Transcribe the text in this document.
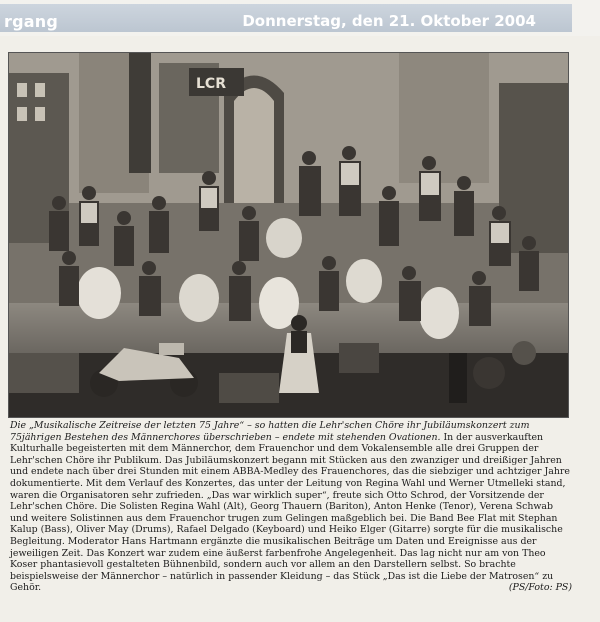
rgang	Donnerstag, den 21. Oktober 2004
LCR
Die „Musikalische Zeitreise der letzten 75 Jahre“ – so hatten die Lehr'schen Chöre ihr Jubiläumskonzert zum 75jährigen Bestehen des Männerchores überschrieben – endete mit stehenden Ovationen. In der ausverkauften Kulturhalle begeisterten mit dem Männerchor, dem Frauenchor und dem Vokalensemble alle drei Gruppen der Lehr'schen Chöre ihr Publikum. Das Jubiläumskonzert begann mit Stücken aus den zwanziger und dreißiger Jahren und endete nach über drei Stunden mit einem ABBA-Medley des Frauenchores, das die siebziger und achtziger Jahre dokumentierte. Mit dem Verlauf des Konzertes, das unter der Leitung von Regina Wahl und Werner Utmelleki stand, waren die Organisatoren sehr zufrieden. „Das war wirklich super“, freute sich Otto Schrod, der Vorsitzende der Lehr'schen Chöre. Die Solisten Regina Wahl (Alt), Georg Thauern (Bariton), Anton Henke (Tenor), Verena Schwab und weitere Solistinnen aus dem Frauenchor trugen zum Gelingen maßgeblich bei. Die Band Bee Flat mit Stephan Kalup (Bass), Oliver May (Drums), Rafael Delgado (Keyboard) und Heiko Elger (Gitarre) sorgte für die musikalische Begleitung. Moderator Hans Hartmann ergänzte die musikalischen Beiträge um Daten und Ereignisse aus der jeweiligen Zeit. Das Konzert war zudem eine äußerst farbenfrohe Angelegenheit. Das lag nicht nur am von Theo Koser phantasievoll gestalteten Bühnenbild, sondern auch vor allem an den Darstellern selbst. So brachte beispielsweise der Männerchor – natürlich in passender Kleidung – das Stück „Das ist die Liebe der Matrosen“ zu Gehör.	(PS/Foto: PS)
